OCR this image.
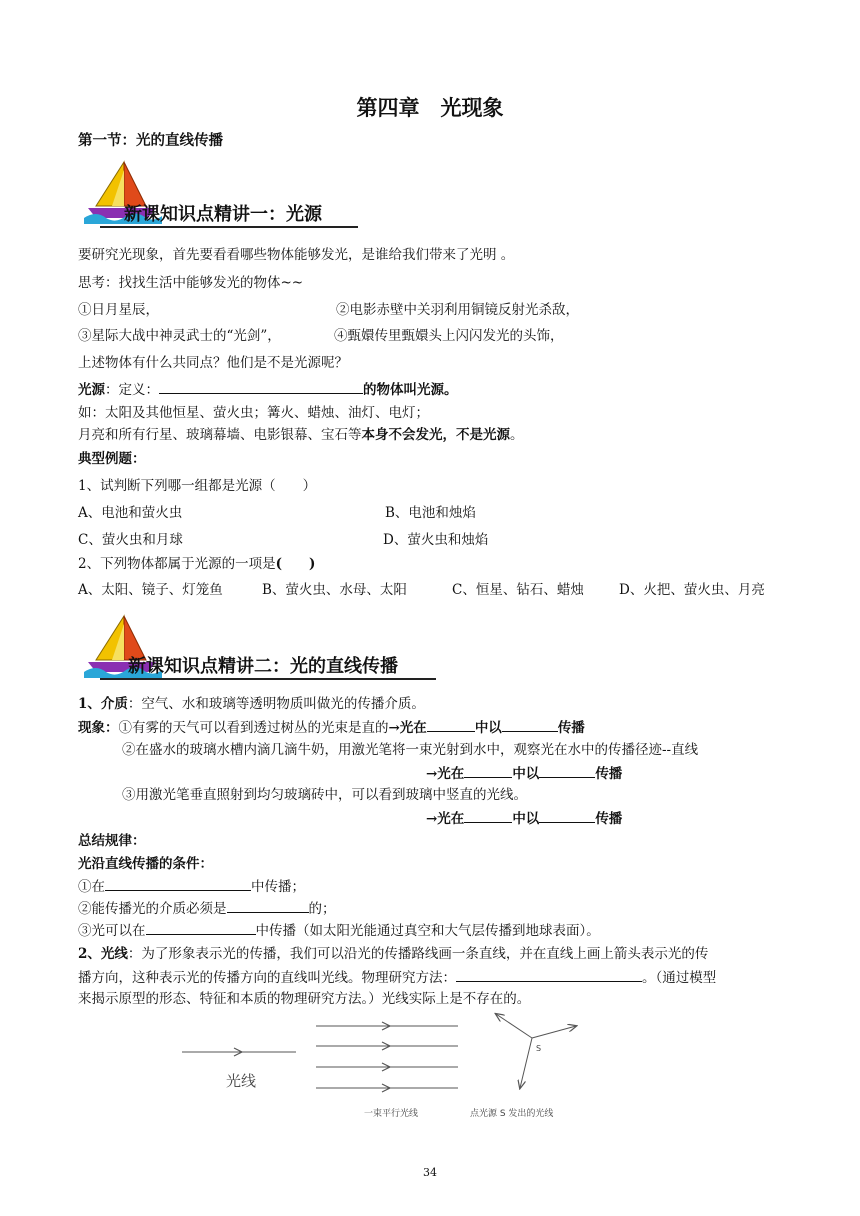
第四章　光现象
第一节：光的直线传播
新课知识点精讲一：光源
要研究光现象，首先要看看哪些物体能够发光，是谁给我们带来了光明 。
思考：找找生活中能够发光的物体~~
①日月星辰，	②电影赤壁中关羽利用铜镜反射光杀敌，
③星际大战中神灵武士的“光剑”，	④甄嬛传里甄嬛头上闪闪发光的头饰，
上述物体有什么共同点？他们是不是光源呢？
光源：定义：	的物体叫光源。
如：太阳及其他恒星、萤火虫；篝火、蜡烛、油灯、电灯；
月亮和所有行星、玻璃幕墙、电影银幕、宝石等本身不会发光，不是光源。
典型例题：
1、试判断下列哪一组都是光源（　　）
A、电池和萤火虫	B、电池和烛焰
C、萤火虫和月球	D、萤火虫和烛焰
2、下列物体都属于光源的一项是(　　)
A、太阳、镜子、灯笼鱼	B、萤火虫、水母、太阳	C、恒星、钻石、蜡烛	D、火把、萤火虫、月亮
新课知识点精讲二：光的直线传播
1、介质：空气、水和玻璃等透明物质叫做光的传播介质。
现象：①有雾的天气可以看到透过树丛的光束是直的→光在	中以	传播
②在盛水的玻璃水槽内滴几滴牛奶，用激光笔将一束光射到水中，观察光在水中的传播径迹--直线
→光在	中以	传播
③用激光笔垂直照射到均匀玻璃砖中，可以看到玻璃中竖直的光线。
→光在	中以	传播
总结规律：
光沿直线传播的条件：
①在	中传播；
②能传播光的介质必须是	的；
③光可以在	中传播（如太阳光能通过真空和大气层传播到地球表面）。
2、光线：为了形象表示光的传播，我们可以沿光的传播路线画一条直线，并在直线上画上箭头表示光的传
播方向，这种表示光的传播方向的直线叫光线。物理研究方法：	。（通过模型
来揭示原型的形态、特征和本质的物理研究方法。）光线实际上是不存在的。
光线
一束平行光线	点光源 S 发出的光线
S
34
